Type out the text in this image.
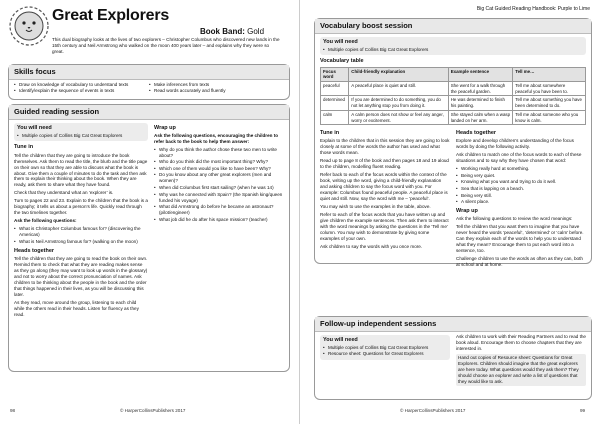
Great Explorers
Book Band: Gold
This dual biography looks at the lives of two explorers – Christopher Columbus who discovered new lands in the 15th century and Neil Armstrong who walked on the moon 400 years later – and explains why they were so great.
Skills focus
• Draw on knowledge of vocabulary to understand texts
• Identify/explain the sequence of events in texts
• Make inferences from texts
• Read words accurately and fluently
Guided reading session
You will need
• Multiple copies of Collins Big Cat Great Explorers
Tune in

Tell the children that they are going to introduce the book themselves. Ask them to read the title, the blurb and the title page on their own so that they are able to discuss what the book is about. Give them a couple of minutes to do the task and then ask them to explain their thinking about the book. When they are ready, ask them to share what they have found.

Check that they understand what an ‘explorer’ is.

Turn to pages 22 and 23. Explain to the children that the book is a biography; it tells us about a person’s life. Quickly read through the two timelines together.

Ask the following questions:

• What is Christopher Columbus famous for? (discovering the Americas)
• What is Neil Armstrong famous for? (walking on the moon)
Heads together

Tell the children that they are going to read the book on their own. Remind them to check that what they are reading makes sense as they go along (they may want to look up words in the glossary) and not to worry about the correct pronunciation of names. Ask children to be thinking about the people in the book and the order that things happened in their lives, as you will be discussing this later.

As they read, move around the group, listening to each child while the others read in their heads. Listen for fluency as they read.

Wrap up

Ask the following questions, encouraging the children to refer back to the book to help them answer:

• Why do you think the author chose these two men to write about?
• Who do you think did the most important thing? Why?
• Which one of them would you like to have been? Why?
• Do you know about any other great explorers (men and women)?
• When did Columbus first start sailing? (when he was 14)
• Why was he connected with Spain? (the Spanish king/queen funded his voyage)
• What did Armstrong do before he became an astronaut? (pilot/engineer)
• What job did he do after his space mission? (teacher)
98	© HarperCollinsPublishers 2017
Big Cat Guided Reading Handbook: Purple to Lime
Vocabulary boost session
You will need
• Multiple copies of Collins Big Cat Great Explorers
Vocabulary table
Focus word	Child-friendly explanation	Example sentence	Tell me…
peaceful	A peaceful place is quiet and still.	She went for a walk through the peaceful garden.	Tell me about somewhere peaceful you have been to.
determined	If you are determined to do something, you do not let anything stop you from doing it.	He was determined to finish his painting.	Tell me about something you have been determined to do.
calm	A calm person does not show or feel any anger, worry or excitement.	She stayed calm when a wasp landed on her arm.	Tell me about someone who you know is calm.
Tune in

Explain to the children that in this session they are going to look closely at some of the words the author has used and what those words mean.

Read up to page 8 of the book and then pages 18 and 19 aloud to the children, modelling fluent reading.

Refer back to each of the focus words within the context of the book, writing up the word, giving a child-friendly explanation and asking children to say the focus word with you. For example: Columbus found peaceful people. A peaceful place is quiet and still. Now, say the word with me – ‘peaceful’.

You may wish to use the examples in the table, above.

Refer to each of the focus words that you have written up and give children the example sentences. Then ask them to interact with the word meanings by asking the questions in the ‘Tell me’ column. You may wish to demonstrate by giving some examples of your own.

Ask children to say the words with you once more.

Heads together

Explore and develop children’s understanding of the focus words by doing the following activity.

Ask children to match one of the focus words to each of these situations and to say why they have chosen that word:

• Working really hard at something.
• Being very quiet.
• Knowing what you want and trying to do it well.
• Sea that is lapping on a beach.
• Being very still.
• A silent place.
Wrap up

Ask the following questions to review the word meanings:

Tell the children that you want them to imagine that you have never heard the words ‘peaceful’, ‘determined’ or ‘calm’ before. Can they explain each of the words to help you to understand what they mean? Encourage them to put each word into a sentence, too.

Challenge children to use the words as often as they can, both at school and at home.

Follow-up independent sessions
You will need
• Multiple copies of Collins Big Cat Great Explorers
• Resource sheet: Questions for Great Explorers

Ask children to work with their Reading Partners and to read the book aloud. Encourage them to choose chapters that they are interested in.

Hand out copies of Resource sheet: Questions for Great Explorers. Children should imagine that the great explorers are here today. What questions would they ask them? They should choose an explorer and write a list of questions that they would like to ask.

© HarperCollinsPublishers 2017	99
